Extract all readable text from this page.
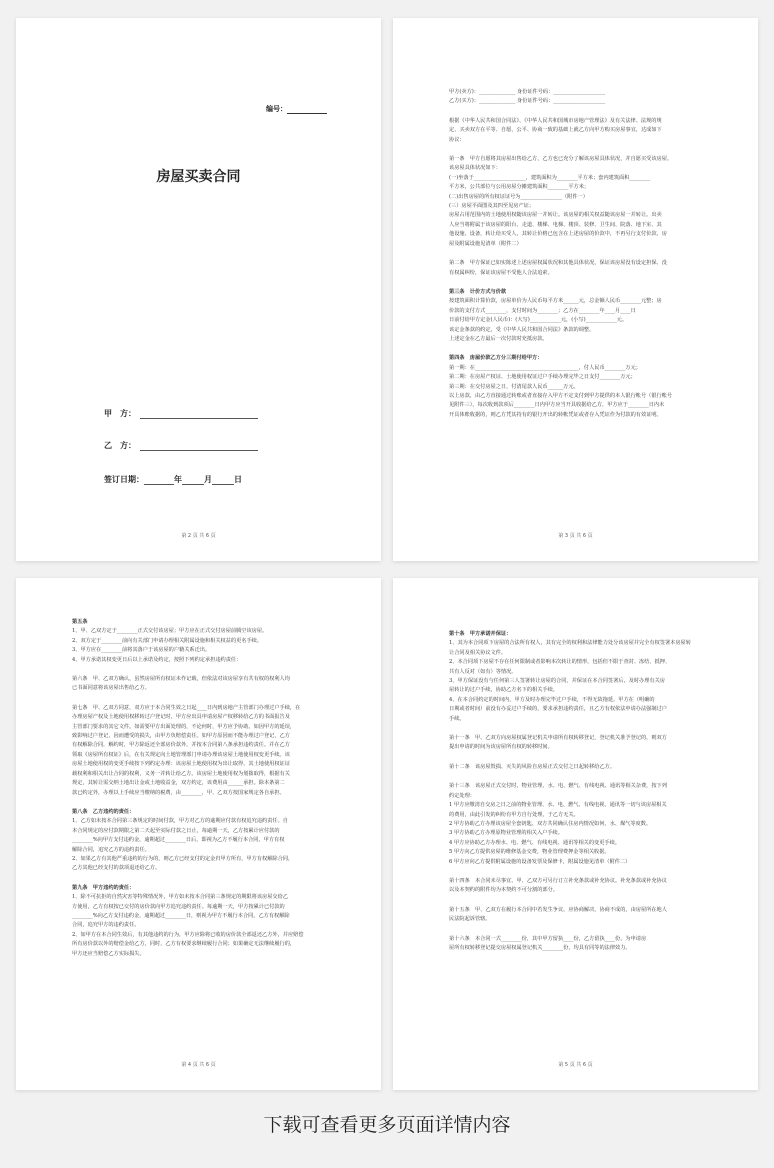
编号：
房屋买卖合同
甲　方：
乙　方：
签订日期：	年	月	日
第 2 页 共 6 页

甲方(卖方)：______________ 身份证件号码：____________________

乙方(买方)：______________ 身份证件号码：____________________

根据《中华人民共和国合同法》、《中华人民共和国城市房地产管理法》及有关法律、法规的规

定，买卖双方在平等、自愿、公平、协商一致的基础上就乙方向甲方购买房屋事宜，达成如下

协议：

第一条　甲方自愿将其房屋出售给乙方，乙方也已充分了解该房屋具体状况，并自愿买受该房屋。

该房屋具体状况如下：

(一)坐落于____________________，建筑面积为________平方米；套内建筑面积________

平方米，公共部位与公用房屋分摊建筑面积________平方米；

(二)出售房屋的所有权证证号为________________（附件一）

(三）房屋平面图及其四至见房产证；

房屋占用范围内的土地使用权随该房屋一并转让。该房屋的相关权益随该房屋一并转让。出卖

人应当将附属于该房屋的阳台、走道、楼梯、电梯、楼顶、装修、卫生间、院落、地下室、其

他设施、设备，转让给买受人，其转让价格已包含在上述房屋的价款中，不再另行支付价款，房

屋及附属设施见清单（附件二）

第二条　甲方保证已如实陈述上述房屋权属状况和其他具体状况，保证该房屋没有设定担保、没

有权属纠纷，保证该房屋不受他人合法追索。

第三条　计价方式与价款

按建筑面积计算价款，房屋单价为人民币每平方米______元，总金额人民币________元整；房

价款的支付方式________，支付时间为________；乙方在________年____月____日

日前付给甲方定金(人民币)：(大写)____________元，(小写)____________元。

该定金条款的约定，受《中华人民共和国合同法》条款的调整。

上述定金在乙方最后一次付款时充抵房款。

第四条　房屋价款乙方分三期付给甲方：

第一期：在________________________________________，付人民币________万元；

第二期：在房屋产权证、土地使用权证过户手续办理完毕之日支付________万元；

第三期：在交付房屋之日，付清尾款人民币______万元。

以上房款，由乙方直接通过转账或者直接存入甲方不定支付到甲方提供的本人银行帐号（银行帐号

见附件三），每次收到款项后________日内甲方应当开具收据给乙方，甲方应于________日内未

开具体账收据的，则乙方凭其持有的银行开出的转帐凭证或者存入凭证作为付款的有效证明。

第 3 页 共 6 页

第五条

1、甲、乙双方定于________正式交付该房屋；甲方应在正式交付房屋前腾空该房屋。

2、双方定于________前向有关部门申请办理相关附属设施和相关权益的更名手续。

3、甲方应在________前将其落户于该房屋的户籍关系迁出。

4、甲方承诺其权变更日后以上承诺及约定，按照下列约定承担违约责任：

第六条　甲、乙双方确认，虽然房屋所有权证未作记载，但依法对该房屋享有共有权的权利人均

已书面同意将该房屋出售给乙方。

第七条　甲、乙双方同意，双方应于本合同生效之日起____日内到房地产主管部门办理过户手续，在

办理房屋产权及土地使用权移转过户登记时，甲方应出具申请房屋产权移转给乙方的书面报告及

主管部门要求的其它文件。如需要甲方出面处理的，不论何时，甲方应予协助。如因甲方的延误，

致影响过户登记，因而遭受的损失，由甲方负赔偿责任。如甲方原因而不能办理过户登记，乙方

有权解除合同，解约时，甲方除返还全部房价款外，并按本合同第八条承担违约责任。并在乙方

领取《房屋所有权证》后，在有关规定向土地管理部门申请办理该房屋土地使用权变更手续。该

房屋土地使用权的变更手续按下列约定办理：该房屋土地使用权为出让取得，其土地使用权证证

载权利和相关出让合同的权利，义务一并转让给乙方。该房屋土地使用权为划拨取得，根据有关

规定，其转让需交纳土地出让金或土地收益金，双方约定，该费用由______承担。除本条第二

款已约定外，办理以上手续应当缴纳的税费，由________，甲、乙双方按国家规定各自承担。

第八条　乙方违约的责任：

1、乙方如未按本合同第三条规定的时间付款，甲方对乙方的逾期应付款有权追究违约责任。自

本合同规定的应付款期限之第二天起至实际付款之日止，每逾期一天，乙方按累计应付款的

________%向甲方支付违约金，逾期超过________日后，即视为乙方不履行本合同，甲方有权

解除合同，追究乙方的违约责任。

2、如果乙方有其他严重违约的行为的，则乙方已经支付的定金归甲方所有，甲方有权解除合同，

乙方其他已经支付的款项退还给乙方。

第九条　甲方违约的责任：

1、除不可抗拒的自然灾害等特殊情况外，甲方如未按本合同第三条规定的期限将该房屋交给乙

方使用，乙方有权按已交付的房价款向甲方追究违约责任。每逾期一天，甲方按累计已付款的

________%向乙方支付违约金，逾期超过________日，则视为甲方不履行本合同，乙方有权解除

合同，追究甲方的违约责任。

2、如甲方在本合同生效后，有其他违约的行为，甲方应除将已收的房价款全部退还乙方外，并应赔偿

所有房价款以外的赔偿金给乙方，同时，乙方有权要求继续履行合同；如果确定无法继续履行的，

甲方还应当赔偿乙方实际损失。

第 4 页 共 6 页

第十条　甲方承诺并保证：

1、其为本合同项下房屋的合法所有权人，其有完全的权利和法律能力处分该房屋并完全有权签署本房屋转

让合同及相关协议文件。

2、本合同项下房屋不存在任何限制或者影响本次转让的情形，包括但不限于查封、冻结、抵押、

共有人反对（如有）等情况。

3、甲方保证没有与任何第三人签署转让房屋的合同，并保证在本合同签署后，及时办理有关房

屋转让的过户手续，协助乙方名下的相关手续。

4、在本合同约定的时间内，甲方及时办理完毕过户手续，不得无故拖延。甲方在（明确的

日期或者时间）前没有办妥过户手续的，要求承担违约责任，且乙方有权依法申请办法强制过户

手续。

第十一条　甲、乙双方向房屋权属登记机关申请所有权转移登记，登记机关准予登记的，则双方

提出申请的时间为该房屋所有权的转移时间。

第十二条　该房屋毁损、灭失的风险自房屋正式交付之日起转移给乙方。

第十三条　该房屋正式交付时，物业管理、水、电、燃气、有线电视、通讯等相关杂费，按下列

约定处理：

1 甲方应缴清自交房之日之前的物业管理、水、电、燃气、有线电视、通讯等一切与该房屋相关

的费用，由此引发的纠纷有甲方自行处理，于乙方无关。

2 甲方协助乙方办理该房屋全套钥匙、双方共同确认住房内情况如何，水、煤气等度数。

3 甲方协助乙方办理原物业管理的相关入户手续。

4 甲方应协助乙方办理水、电、燃气、有线电视、通讯等相关的变更手续。

5 甲方向乙方提供房屋的维修基金交费，物业管理费押金等相关收据。

6 甲方应向乙方提供附属设施的设备发票及保修卡，附属设施见清单（附件二）

第十四条　本合同未尽事宜，甲、乙双方可另行订立补充条款或补充协议。补充条款或补充协议

以及本契约的附件均为本契约不可分割的部分。

第十五条　甲、乙双方在履行本合同中若发生争议，应协商解决，协商不成的，由房屋所在地人

民法院起诉管辖。

第十六条　本合同一式________份，其中甲方留执____份，乙方留执____份，为申请房

屋所有权转移登记提交房屋权属登记机关________份，均具有同等的法律效力。

第 5 页 共 6 页
下载可查看更多页面详情内容
